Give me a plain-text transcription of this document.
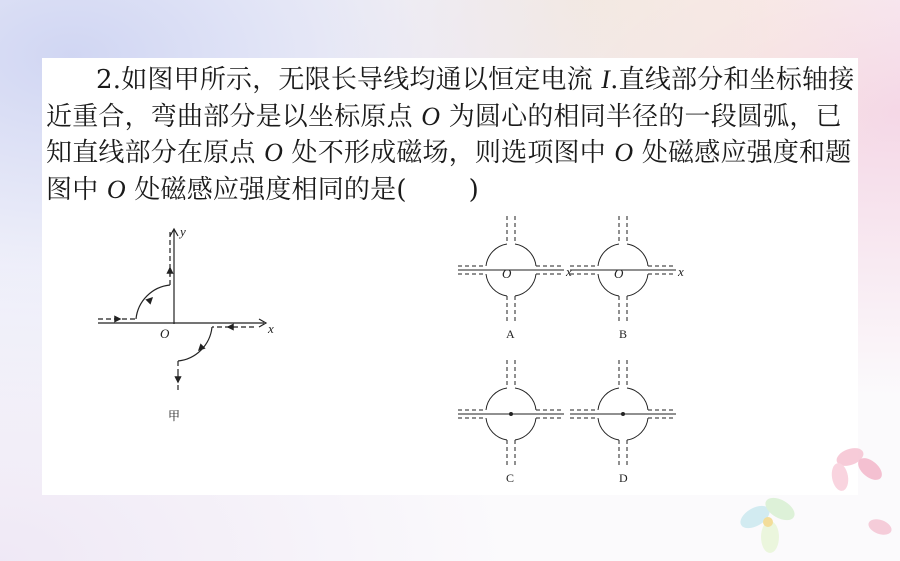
2.如图甲所示，无限长导线均通以恒定电流 I.直线部分和坐标轴接近重合，弯曲部分是以坐标原点 O 为圆心的相同半径的一段圆弧，已知直线部分在原点 O 处不形成磁场，则选项图中 O 处磁感应强度和题图中 O 处磁感应强度相同的是( )

x
y
O
甲
O	x
A
O	x
B
C	D
